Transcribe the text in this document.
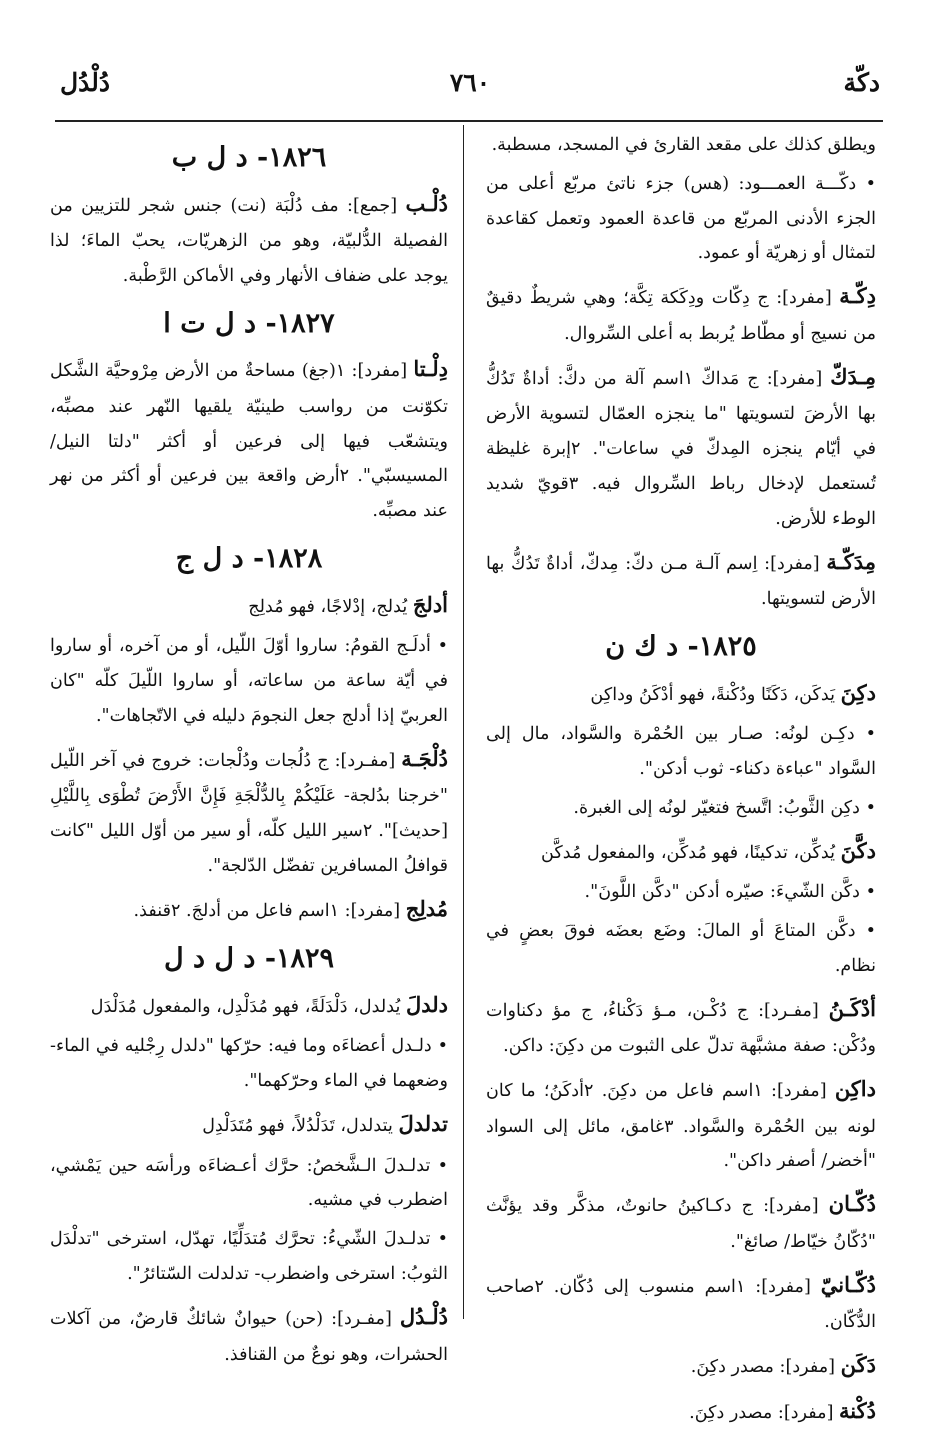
دكّة
٧٦٠
دُلْدُل

ويطلق كذلك على مقعد القارئ في المسجد، مسطبة.

• دكّـــة العمـــود: (هس) جزء ناتئ مربّع أعلى من الجزء الأدنى المربّع من قاعدة العمود وتعمل كقاعدة لتمثال أو زهريّة أو عمود.

دِكّـة [مفرد]: ج دِكّات ودِكَكة تِكَّة؛ وهي شريطٌ دقيقٌ من نسيج أو مطّاط يُربط به أعلى السِّروال.

مِـدَكّ [مفرد]: ج مَداكّ ١اسم آلة من دكَّ: أداةٌ تَدُكُّ بها الأرضَ لتسويتها "ما ينجزه العمّال لتسوية الأرض في أيّام ينجزه المِدكّ في ساعات". ٢إبرة غليظة تُستعمل لإدخال رباط السِّروال فيه. ٣قويّ شديد الوطء للأرض.

مِدَكّـة [مفرد]: اِسم آلـة مـن دكّ: مِدكّ، أداةٌ تَدُكُّ بها الأرض لتسويتها.

١٨٢٥- د ك ن

دكِنَ يَدكَن، دَكَنًا ودُكْنةً، فهو أدْكَنُ وداكِن

• دكِـن لونُه: صـار بين الحُمْرة والسَّواد، مال إلى السَّواد "عباءة دكناء- ثوب أدكن".

• دكِن الثَّوبُ: اتَّسخ فتغيّر لونُه إلى الغبرة.

دكَّنَ يُدكِّن، تدكينًا، فهو مُدكِّن، والمفعول مُدكَّن

• دكَّن الشّيءَ: صيّره أدكن "دكَّن اللَّونَ".

• دكَّن المتاعَ أو المالَ: وضَع بعضَه فوقَ بعضٍ في نظام.

أدْكَـنُ [مفـرد]: ج دُكْـن، مـؤ دَكْناءُ، ج مؤ دكناوات ودُكْن: صفة مشبَّهة تدلّ على الثبوت من دكِنَ: داكن.

داكِن [مفرد]: ١اسم فاعل من دكِنَ. ٢أدكَنُ؛ ما كان لونه بين الحُمْرة والسَّواد. ٣غامق، مائل إلى السواد "أخضر/ أصفر داكن".

دُكّـان [مفرد]: ج دكـاكينُ حانوتٌ، مذكَّر وقد يؤنَّث "دُكّانُ خيّاط/ صائغ".

دُكّـانيّ [مفرد]: ١اسم منسوب إلى دُكّان. ٢صاحب الدُّكّان.

دَكَن [مفرد]: مصدر دكِنَ.

دُكْنة [مفرد]: مصدر دكِنَ.

١٨٢٦- د ل ب

دُلْـب [جمع]: مف دُلْبَة (نت) جنس شجر للتزيين من الفصيلة الدُّلبيّة، وهو من الزهريّات، يحبّ الماءَ؛ لذا يوجد على ضفاف الأنهار وفي الأماكن الرَّطْبة.

١٨٢٧- د ل ت ا

دِلْـتا [مفرد]: ١(جغ) مساحةٌ من الأرض مِرْوحيَّة الشَّكل تكوّنت من رواسب طينيّة يلقيها النّهر عند مصبِّه، ويتشعّب فيها إلى فرعين أو أكثر "دلتا النيل/ المسيسبّي". ٢أرض واقعة بين فرعين أو أكثر من نهر عند مصبِّه.

١٨٢٨- د ل ج

أدلجَ يُدلج، إدْلاجًا، فهو مُدلِج

• أدلَـج القومُ: ساروا أوّلَ اللّيل، أو من آخره، أو ساروا في أيّة ساعة من ساعاته، أو ساروا اللّيلَ كلّه "كان العربيّ إذا أدلج جعل النجومَ دليله في الاتّجاهات".

دُلْجَـة [مفـرد]: ج دُلُجات ودُلْجات: خروج في آخر اللّيل "خرجنا بدُلجة- عَلَيْكُمْ بِالدُّلْجَةِ فَإِنَّ الأَرْضَ تُطْوَى بِاللَّيْلِ [حديث]". ٢سير الليل كلّه، أو سير من أوّل الليل "كانت قوافلُ المسافرين تفضّل الدّلجة".

مُدلِج [مفرد]: ١اسم فاعل من أدلجَ. ٢قنفذ.

١٨٢٩- د ل د ل

دلدلَ يُدلدل، دَلْدَلَةً، فهو مُدَلْدِل، والمفعول مُدَلْدَل

• دلـدل أعضاءَه وما فيه: حرّكها "دلدل رِجْليه في الماء- وضعهما في الماء وحرّكهما".

تدلدلَ يتدلدل، تَدَلْدُلاً، فهو مُتَدَلْدِل

• تدلـدلَ الـشَّخصُ: حرَّك أعـضاءَه ورأسَه حين يَمْشي، اضطرب في مشيه.

• تدلـدلَ الشّيءُ: تحرَّك مُتدَلِّيًا، تهدّل، استرخى "تدلْدَل الثوبُ: استرخى واضطرب- تدلدلت السّتائرُ".

دُلْـدُل [مفـرد]: (حن) حيوانٌ شائكٌ قارضٌ، من آكلات الحشرات، وهو نوعٌ من القنافذ.
